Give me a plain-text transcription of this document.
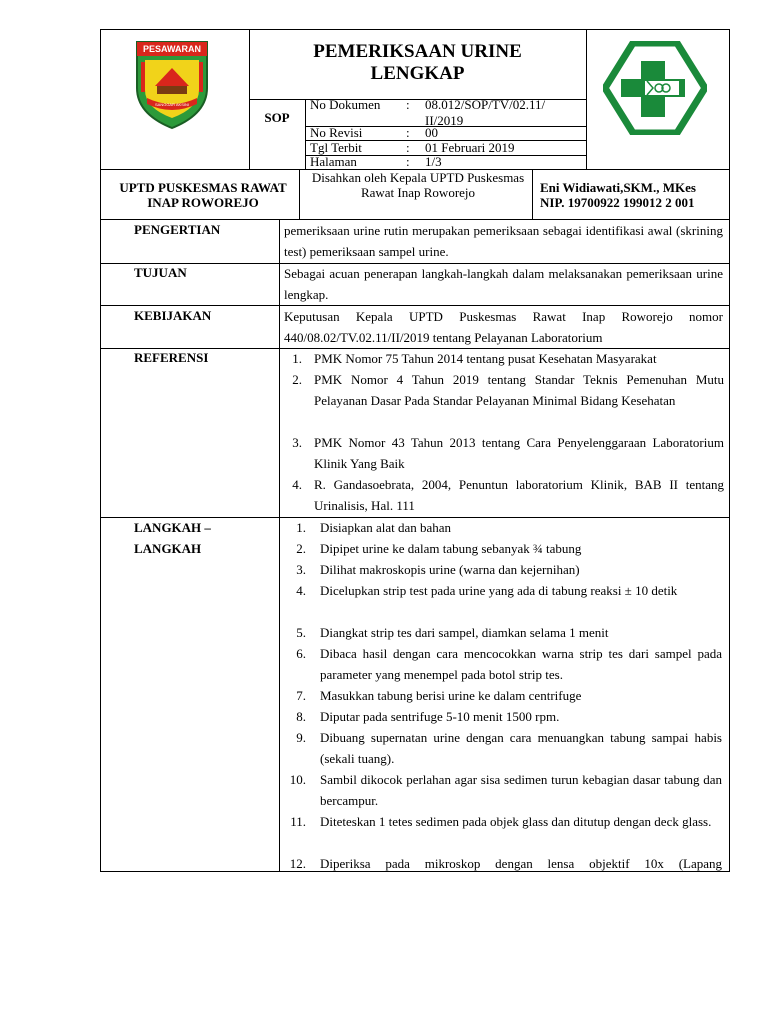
PESAWARAN
SANGGAR AKSINI
PEMERIKSAAN URINE LENGKAP
SOP
No Dokumen : 08.012/SOP/TV/02.11/ II/2019
No Revisi	: 00
Tgl Terbit	: 01 Februari 2019
Halaman	: 1/3
UPTD PUSKESMAS RAWAT INAP ROWOREJO
Disahkan oleh Kepala UPTD Puskesmas Rawat Inap Roworejo	Eni Widiawati,SKM., MKes
NIP. 19700922 199012 2 001
PENGERTIAN	pemeriksaan urine rutin merupakan pemeriksaan sebagai identifikasi awal (skrining test) pemeriksaan sampel urine.
TUJUAN	Sebagai acuan penerapan langkah-langkah dalam melaksanakan pemeriksaan urine lengkap.
KEBIJAKAN	Keputusan Kepala UPTD Puskesmas Rawat Inap Roworejo nomor 440/08.02/TV.02.11/II/2019 tentang Pelayanan Laboratorium
REFERENSI	1. PMK Nomor 75 Tahun 2014 tentang pusat Kesehatan Masyarakat
2. PMK Nomor 4 Tahun 2019 tentang Standar Teknis Pemenuhan Mutu Pelayanan Dasar Pada Standar Pelayanan Minimal Bidang Kesehatan
3. PMK Nomor 43 Tahun 2013 tentang Cara Penyelenggaraan Laboratorium Klinik Yang Baik
4. R. Gandasoebrata, 2004, Penuntun laboratorium Klinik, BAB II tentang Urinalisis, Hal. 111
LANGKAH –
LANGKAH
1. Disiapkan alat dan bahan
2. Dipipet urine ke dalam tabung sebanyak ¾ tabung
3. Dilihat makroskopis urine (warna dan kejernihan)
4. Dicelupkan strip test pada urine yang ada di tabung reaksi ± 10 detik
5. Diangkat strip tes dari sampel, diamkan selama 1 menit
6. Dibaca hasil dengan cara mencocokkan warna strip tes dari sampel pada parameter yang menempel pada botol strip tes.
7. Masukkan tabung berisi urine ke dalam centrifuge
8. Diputar pada sentrifuge 5-10 menit 1500 rpm.
9. Dibuang supernatan urine dengan cara menuangkan tabung sampai habis (sekali tuang).
10. Sambil dikocok perlahan agar sisa sedimen turun kebagian dasar tabung dan bercampur.
11. Diteteskan 1 tetes sedimen pada objek glass dan ditutup dengan deck glass.
12. Diperiksa pada mikroskop dengan lensa objektif 10x (Lapang
